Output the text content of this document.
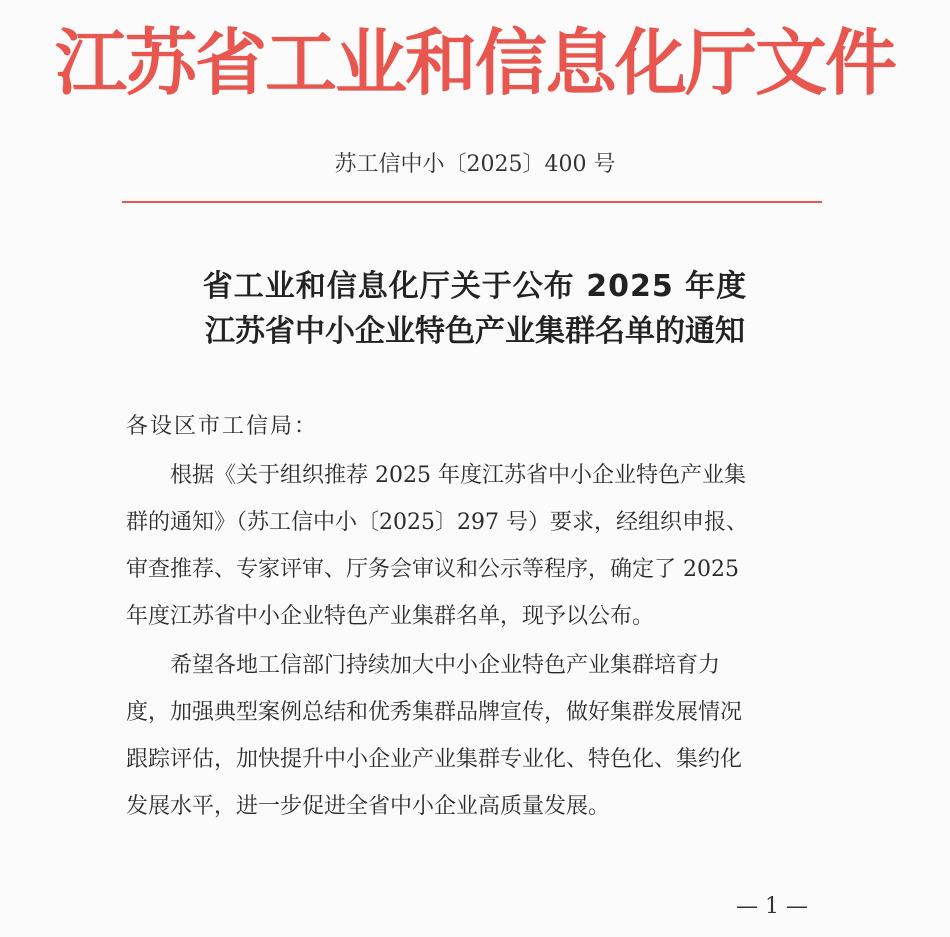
江苏省工业和信息化厅文件
苏工信中小〔2025〕400 号
省工业和信息化厅关于公布 2025 年度
江苏省中小企业特色产业集群名单的通知
各设区市工信局：
　　根据《关于组织推荐 2025 年度江苏省中小企业特色产业集
群的通知》（苏工信中小〔2025〕297 号）要求，经组织申报、
审查推荐、专家评审、厅务会审议和公示等程序，确定了 2025
年度江苏省中小企业特色产业集群名单，现予以公布。
　　希望各地工信部门持续加大中小企业特色产业集群培育力
度，加强典型案例总结和优秀集群品牌宣传，做好集群发展情况
跟踪评估，加快提升中小企业产业集群专业化、特色化、集约化
发展水平，进一步促进全省中小企业高质量发展。
— 1 —
